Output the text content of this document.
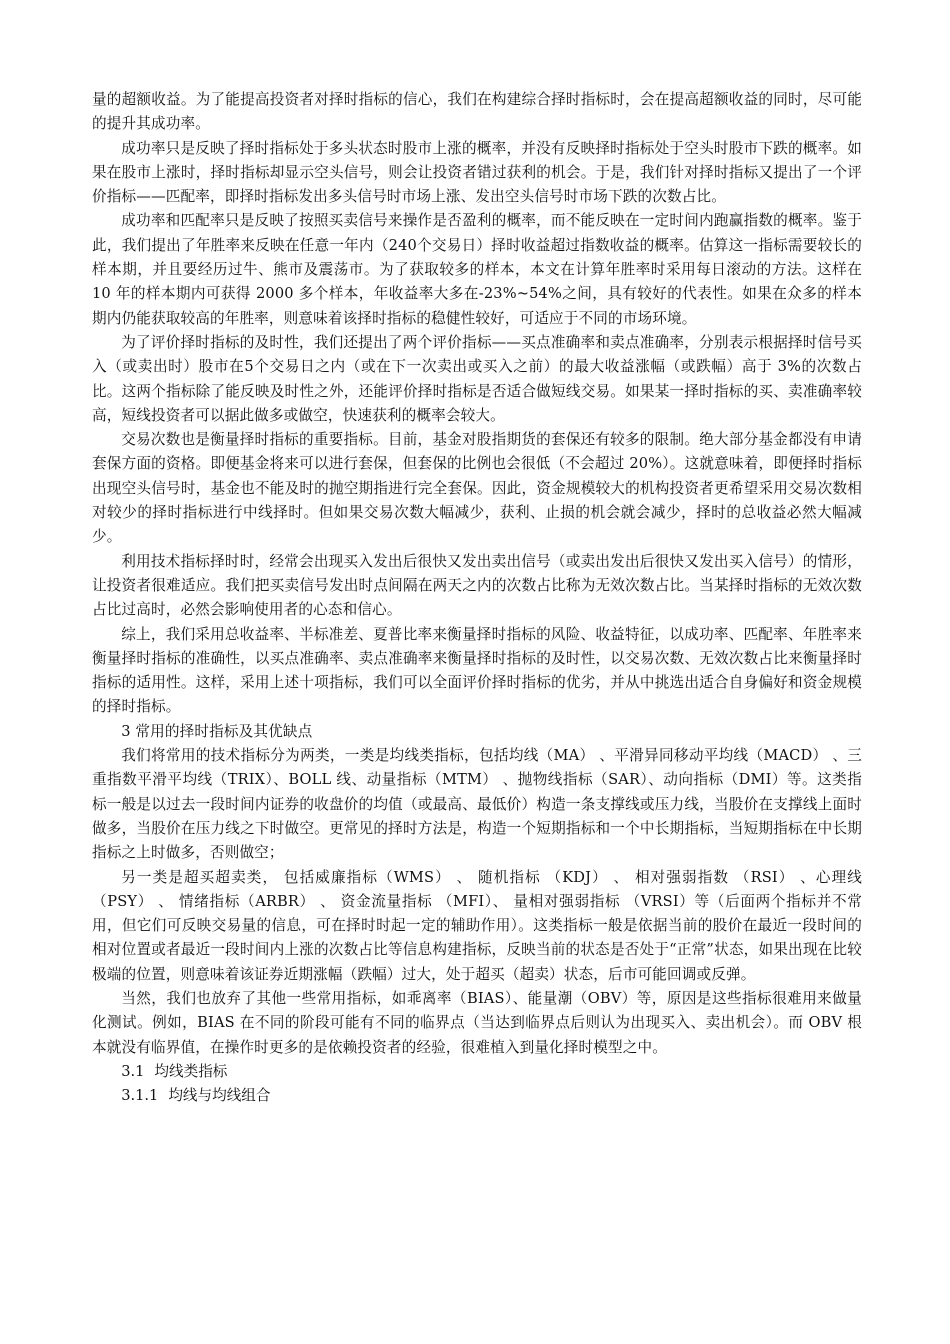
量的超额收益。为了能提高投资者对择时指标的信心，我们在构建综合择时指标时，会在提高超额收益的同时，尽可能的提升其成功率。

成功率只是反映了择时指标处于多头状态时股市上涨的概率，并没有反映择时指标处于空头时股市下跌的概率。如果在股市上涨时，择时指标却显示空头信号，则会让投资者错过获利的机会。于是，我们针对择时指标又提出了一个评价指标——匹配率，即择时指标发出多头信号时市场上涨、发出空头信号时市场下跌的次数占比。

成功率和匹配率只是反映了按照买卖信号来操作是否盈利的概率，而不能反映在一定时间内跑赢指数的概率。鉴于此，我们提出了年胜率来反映在任意一年内（240个交易日）择时收益超过指数收益的概率。估算这一指标需要较长的样本期，并且要经历过牛、熊市及震荡市。为了获取较多的样本，本文在计算年胜率时采用每日滚动的方法。这样在 10 年的样本期内可获得 2000 多个样本，年收益率大多在-23%~54%之间，具有较好的代表性。如果在众多的样本期内仍能获取较高的年胜率，则意味着该择时指标的稳健性较好，可适应于不同的市场环境。

为了评价择时指标的及时性，我们还提出了两个评价指标——买点准确率和卖点准确率，分别表示根据择时信号买入（或卖出时）股市在5个交易日之内（或在下一次卖出或买入之前）的最大收益涨幅（或跌幅）高于 3%的次数占比。这两个指标除了能反映及时性之外，还能评价择时指标是否适合做短线交易。如果某一择时指标的买、卖准确率较高，短线投资者可以据此做多或做空，快速获利的概率会较大。

交易次数也是衡量择时指标的重要指标。目前，基金对股指期货的套保还有较多的限制。绝大部分基金都没有申请套保方面的资格。即便基金将来可以进行套保，但套保的比例也会很低（不会超过 20%）。这就意味着，即便择时指标出现空头信号时，基金也不能及时的抛空期指进行完全套保。因此，资金规模较大的机构投资者更希望采用交易次数相对较少的择时指标进行中线择时。但如果交易次数大幅减少，获利、止损的机会就会减少，择时的总收益必然大幅减少。

利用技术指标择时时，经常会出现买入发出后很快又发出卖出信号（或卖出发出后很快又发出买入信号）的情形，让投资者很难适应。我们把买卖信号发出时点间隔在两天之内的次数占比称为无效次数占比。当某择时指标的无效次数占比过高时，必然会影响使用者的心态和信心。

综上，我们采用总收益率、半标准差、夏普比率来衡量择时指标的风险、收益特征，以成功率、匹配率、年胜率来衡量择时指标的准确性，以买点准确率、卖点准确率来衡量择时指标的及时性，以交易次数、无效次数占比来衡量择时指标的适用性。这样，采用上述十项指标，我们可以全面评价择时指标的优劣，并从中挑选出适合自身偏好和资金规模的择时指标。

3 常用的择时指标及其优缺点

我们将常用的技术指标分为两类，一类是均线类指标，包括均线（MA） 、平滑异同移动平均线（MACD） 、三重指数平滑平均线（TRIX）、BOLL 线、动量指标（MTM） 、抛物线指标（SAR）、动向指标（DMI）等。这类指标一般是以过去一段时间内证券的收盘价的均值（或最高、最低价）构造一条支撑线或压力线，当股价在支撑线上面时做多，当股价在压力线之下时做空。更常见的择时方法是，构造一个短期指标和一个中长期指标，当短期指标在中长期指标之上时做多，否则做空；

另一类是超买超卖类， 包括威廉指标（WMS） 、 随机指标 （KDJ） 、 相对强弱指数 （RSI） 、心理线（PSY） 、 情绪指标（ARBR） 、 资金流量指标 （MFI）、 量相对强弱指标 （VRSI）等（后面两个指标并不常用，但它们可反映交易量的信息，可在择时时起一定的辅助作用）。这类指标一般是依据当前的股价在最近一段时间的相对位置或者最近一段时间内上涨的次数占比等信息构建指标，反映当前的状态是否处于“正常”状态，如果出现在比较极端的位置，则意味着该证券近期涨幅（跌幅）过大，处于超买（超卖）状态，后市可能回调或反弹。

当然，我们也放弃了其他一些常用指标，如乖离率（BIAS）、能量潮（OBV）等，原因是这些指标很难用来做量化测试。例如，BIAS 在不同的阶段可能有不同的临界点（当达到临界点后则认为出现买入、卖出机会）。而 OBV 根本就没有临界值，在操作时更多的是依赖投资者的经验，很难植入到量化择时模型之中。

3.1 均线类指标

3.1.1 均线与均线组合
